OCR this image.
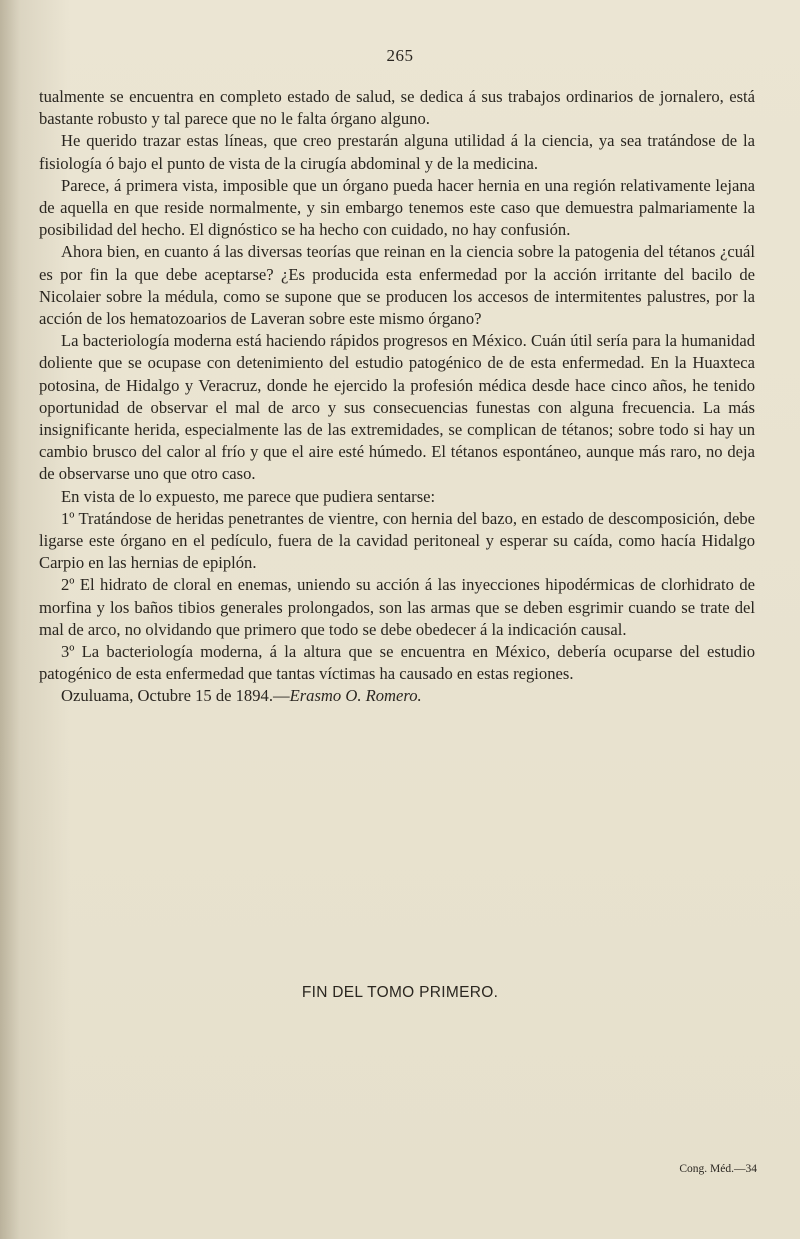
265

tualmente se encuentra en completo estado de salud, se dedica á sus trabajos ordinarios de jornalero, está bastante robusto y tal parece que no le falta órgano alguno.

He querido trazar estas líneas, que creo prestarán alguna utilidad á la ciencia, ya sea tratándose de la fisiología ó bajo el punto de vista de la cirugía abdominal y de la medicina.

Parece, á primera vista, imposible que un órgano pueda hacer hernia en una región relativamente lejana de aquella en que reside normalmente, y sin embargo tenemos este caso que demuestra palmariamente la posibilidad del hecho. El dignóstico se ha hecho con cuidado, no hay confusión.

Ahora bien, en cuanto á las diversas teorías que reinan en la ciencia sobre la patogenia del tétanos ¿cuál es por fin la que debe aceptarse? ¿Es producida esta enfermedad por la acción irritante del bacilo de Nicolaier sobre la médula, como se supone que se producen los accesos de intermitentes palustres, por la acción de los hematozoarios de Laveran sobre este mismo órgano?

La bacteriología moderna está haciendo rápidos progresos en México. Cuán útil sería para la humanidad doliente que se ocupase con detenimiento del estudio patogénico de de esta enfermedad. En la Huaxteca potosina, de Hidalgo y Veracruz, donde he ejercido la profesión médica desde hace cinco años, he tenido oportunidad de observar el mal de arco y sus consecuencias funestas con alguna frecuencia. La más insignificante herida, especialmente las de las extremidades, se complican de tétanos; sobre todo si hay un cambio brusco del calor al frío y que el aire esté húmedo. El tétanos espontáneo, aunque más raro, no deja de observarse uno que otro caso.

En vista de lo expuesto, me parece que pudiera sentarse:

1º Tratándose de heridas penetrantes de vientre, con hernia del bazo, en estado de descomposición, debe ligarse este órgano en el pedículo, fuera de la cavidad peritoneal y esperar su caída, como hacía Hidalgo Carpio en las hernias de epiplón.

2º El hidrato de cloral en enemas, uniendo su acción á las inyecciones hipodérmicas de clorhidrato de morfina y los baños tibios generales prolongados, son las armas que se deben esgrimir cuando se trate del mal de arco, no olvidando que primero que todo se debe obedecer á la indicación causal.

3º La bacteriología moderna, á la altura que se encuentra en México, debería ocuparse del estudio patogénico de esta enfermedad que tantas víctimas ha causado en estas regiones.

Ozuluama, Octubre 15 de 1894.—Erasmo O. Romero.

FIN DEL TOMO PRIMERO.
Cong. Méd.—34
